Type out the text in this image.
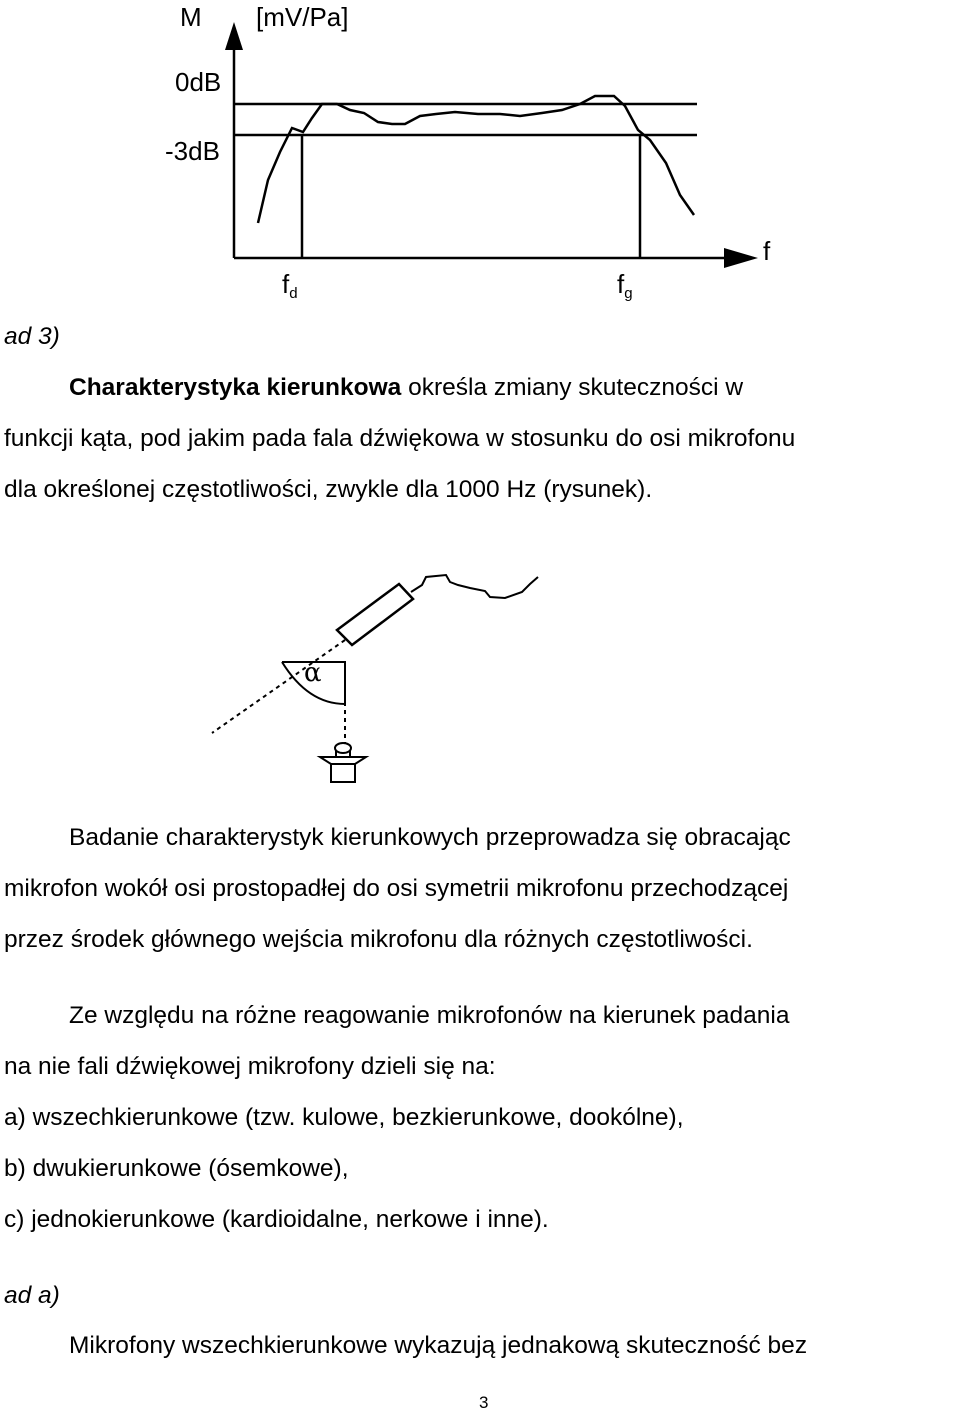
M [mV/Pa]
0dB
-3dB
f
$f_d$	$f_g$
ad 3)
Charakterystyka kierunkowa określa zmiany skuteczności w
funkcji kąta, pod jakim pada fala dźwiękowa w stosunku do osi mikrofonu
dla określonej częstotliwości, zwykle dla 1000 Hz (rysunek).
α
Badanie charakterystyk kierunkowych przeprowadza się obracając
mikrofon wokół osi prostopadłej do osi symetrii mikrofonu przechodzącej
przez środek głównego wejścia mikrofonu dla różnych częstotliwości.
Ze względu na różne reagowanie mikrofonów na kierunek padania
na nie fali dźwiękowej mikrofony dzieli się na:
a) wszechkierunkowe (tzw. kulowe, bezkierunkowe, dookólne),
b) dwukierunkowe (ósemkowe),
c) jednokierunkowe (kardioidalne, nerkowe i inne).
ad a)
Mikrofony wszechkierunkowe wykazują jednakową skuteczność bez
3
